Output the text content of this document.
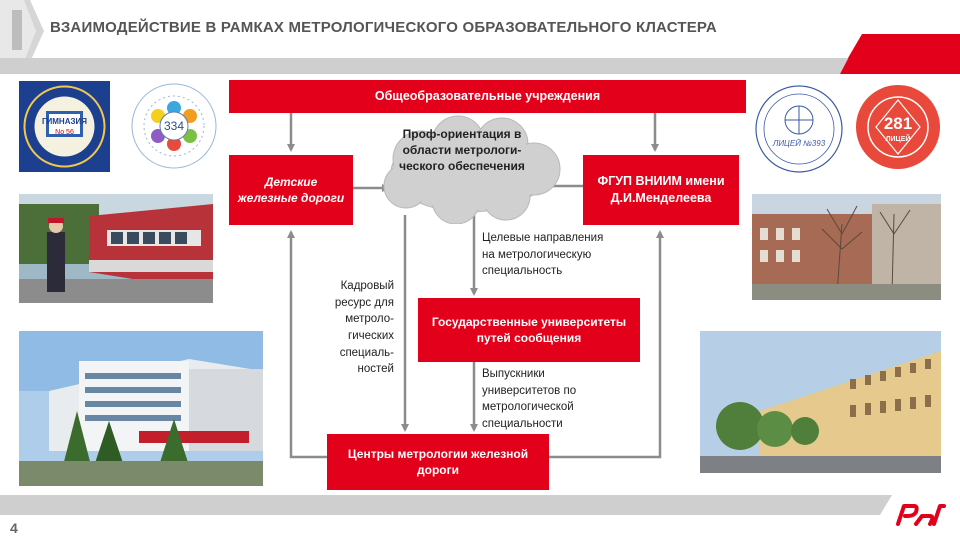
ВЗАИМОДЕЙСТВИЕ В РАМКАХ МЕТРОЛОГИЧЕСКОГО ОБРАЗОВАТЕЛЬНОГО КЛАСТЕРА
ГИМНАЗИЯ
No 56	334
ЛИЦЕЙ №393
281
ЛИЦЕЙ
Проф-ориентация в области метрологи-ческого обеспечения
Общеобразовательные учреждения
Детские железные дороги
ФГУП ВНИИМ имени Д.И.Менделеева
Государственные университеты путей сообщения
Центры метрологии железной дороги
Целевые направления на метрологическую специальность
Кадровый ресурс для метроло-гических специаль-ностей	Выпускники университетов по метрологической специальности
4
